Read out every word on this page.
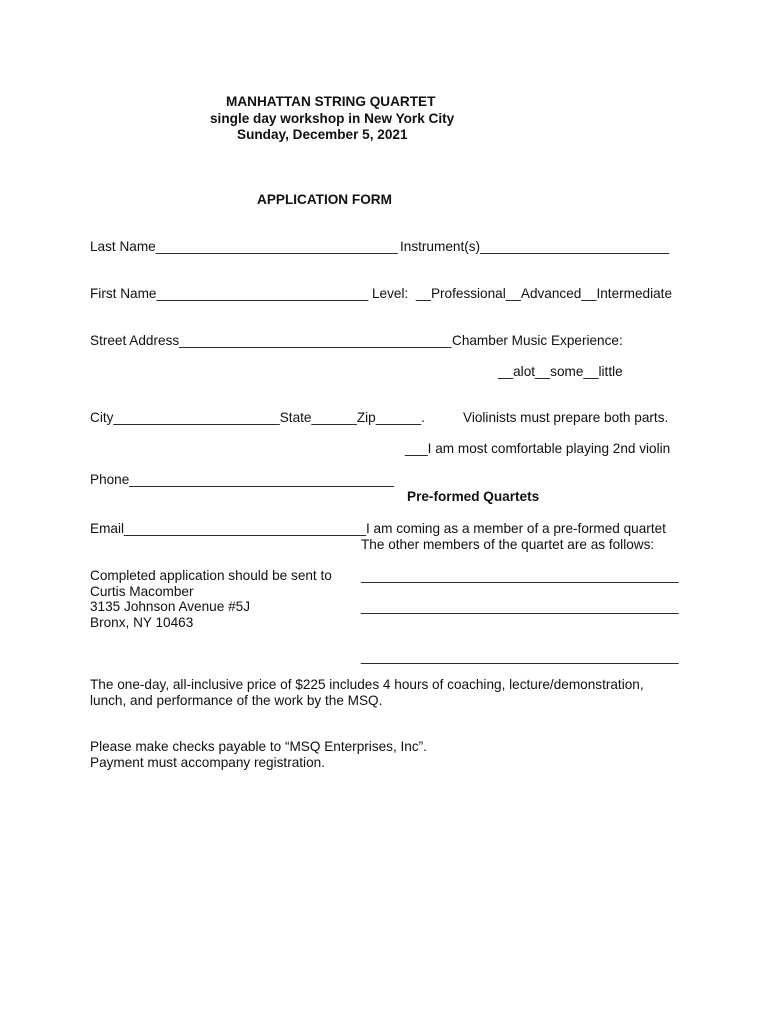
MANHATTAN STRING QUARTET
single day workshop in New York City
Sunday, December 5, 2021
APPLICATION FORM
Last Name________________________________ Instrument(s)_________________________
First Name____________________________ Level:  __Professional__Advanced__Intermediate
Street Address____________________________________ Chamber Music Experience:
__alot__some__little
City______________________State______Zip______.	Violinists must prepare both parts.
___I am most comfortable playing 2nd violin
Phone___________________________________
Pre-formed Quartets
Email________________________________ I am coming as a member of a pre-formed quartet
The other members of the quartet are as follows:
Completed application should be sent to
Curtis Macomber
3135 Johnson Avenue #5J
Bronx, NY 10463
__________________________________________
__________________________________________
__________________________________________
The one-day, all-inclusive price of $225 includes 4 hours of coaching, lecture/demonstration,
lunch, and performance of the work by the MSQ.
Please make checks payable to “MSQ Enterprises, Inc”.
Payment must accompany registration.
